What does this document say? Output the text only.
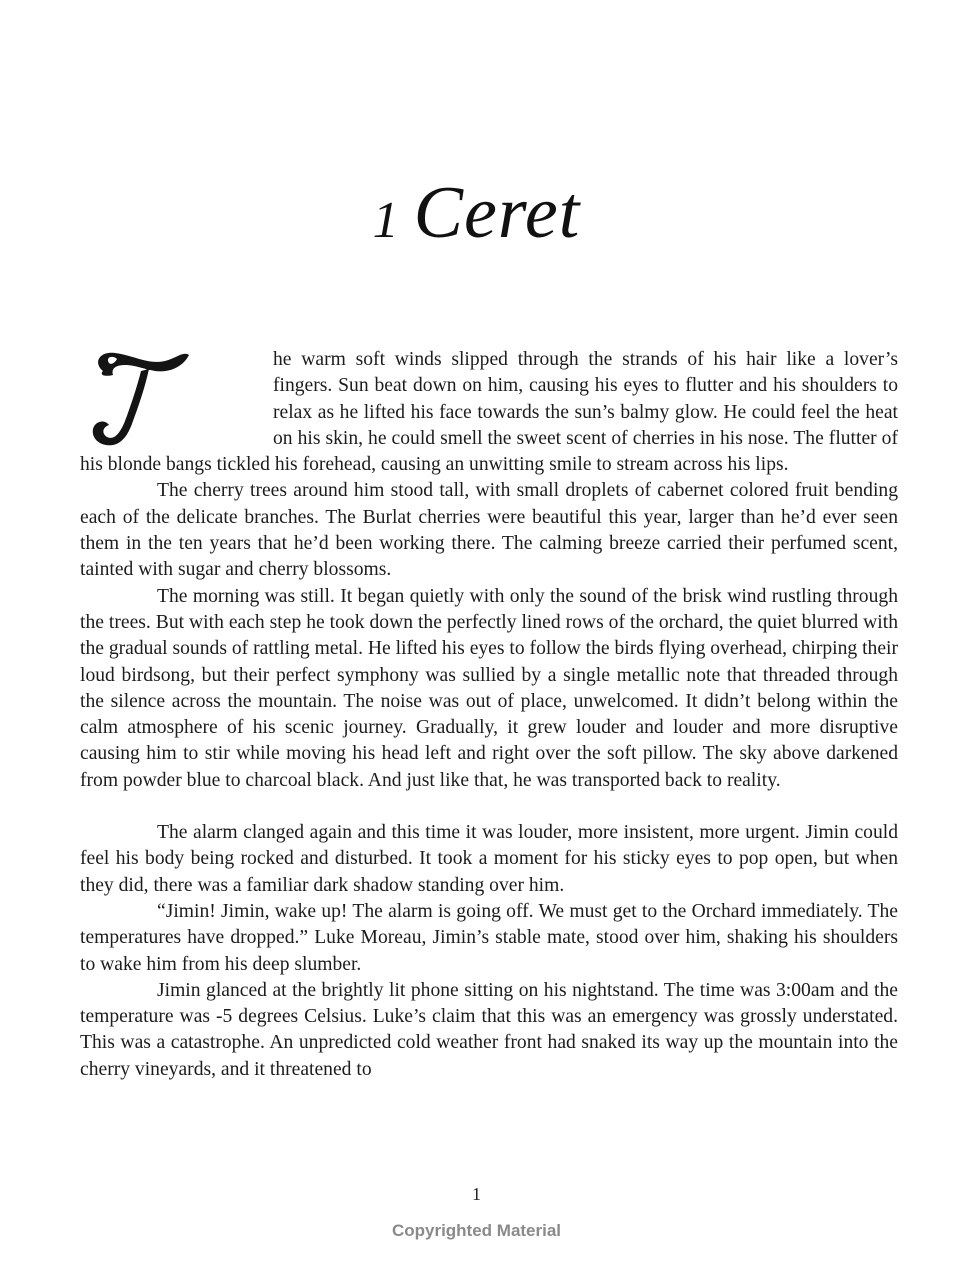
1 Ceret

he warm soft winds slipped through the strands of his hair like a lover’s fingers. Sun beat down on him, causing his eyes to flutter and his shoulders to relax as he lifted his face towards the sun’s balmy glow. He could feel the heat on his skin, he could smell the sweet scent of cherries in his nose. The flutter of his blonde bangs tickled his forehead, causing an unwitting smile to stream across his lips.

The cherry trees around him stood tall, with small droplets of cabernet colored fruit bending each of the delicate branches. The Burlat cherries were beautiful this year, larger than he’d ever seen them in the ten years that he’d been working there. The calming breeze carried their perfumed scent, tainted with sugar and cherry blossoms.

The morning was still. It began quietly with only the sound of the brisk wind rustling through the trees. But with each step he took down the perfectly lined rows of the orchard, the quiet blurred with the gradual sounds of rattling metal. He lifted his eyes to follow the birds flying overhead, chirping their loud birdsong, but their perfect symphony was sullied by a single metallic note that threaded through the silence across the mountain. The noise was out of place, unwelcomed. It didn’t belong within the calm atmosphere of his scenic journey. Gradually, it grew louder and louder and more disruptive causing him to stir while moving his head left and right over the soft pillow. The sky above darkened from powder blue to charcoal black. And just like that, he was transported back to reality.

The alarm clanged again and this time it was louder, more insistent, more urgent. Jimin could feel his body being rocked and disturbed. It took a moment for his sticky eyes to pop open, but when they did, there was a familiar dark shadow standing over him.

“Jimin! Jimin, wake up! The alarm is going off. We must get to the Orchard immediately. The temperatures have dropped.” Luke Moreau, Jimin’s stable mate, stood over him, shaking his shoulders to wake him from his deep slumber.

Jimin glanced at the brightly lit phone sitting on his nightstand. The time was 3:00am and the temperature was -5 degrees Celsius. Luke’s claim that this was an emergency was grossly understated. This was a catastrophe. An unpredicted cold weather front had snaked its way up the mountain into the cherry vineyards, and it threatened to

1
Copyrighted Material
